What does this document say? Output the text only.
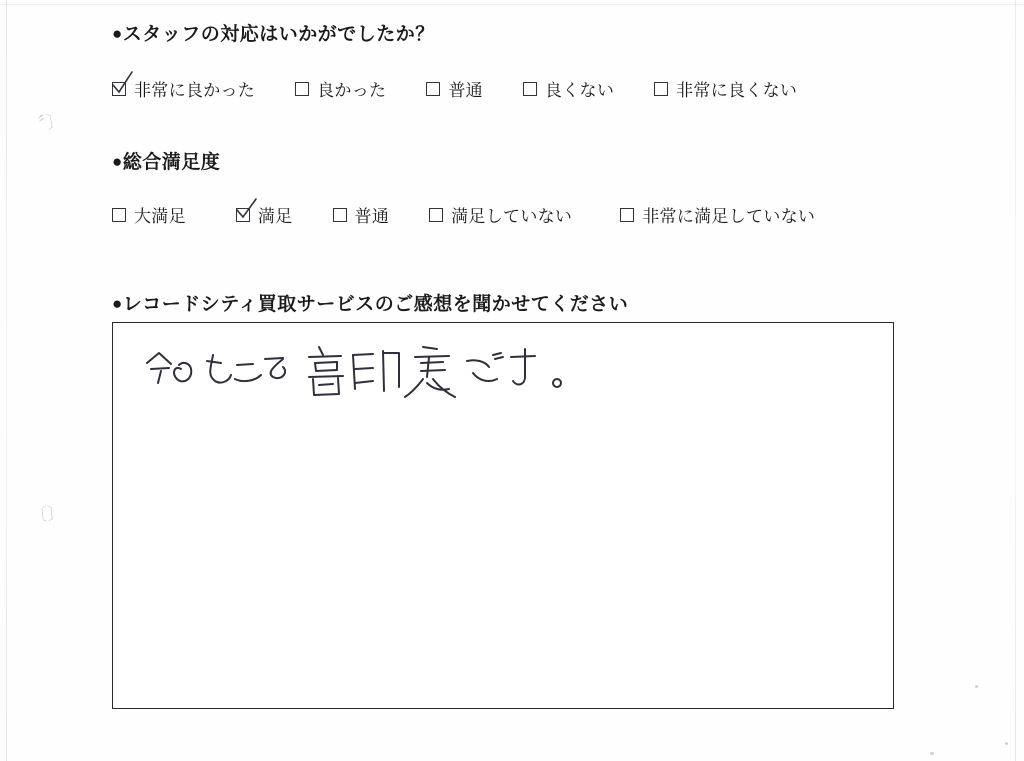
〞〕
〔〕
●スタッフの対応はいかがでしたか？
非常に良かった	良かった	普通	良くない	非常に良くない
●総合満足度
大満足	満足	普通	満足していない	非常に満足していない
●レコードシティ買取サービスのご感想を聞かせてください
